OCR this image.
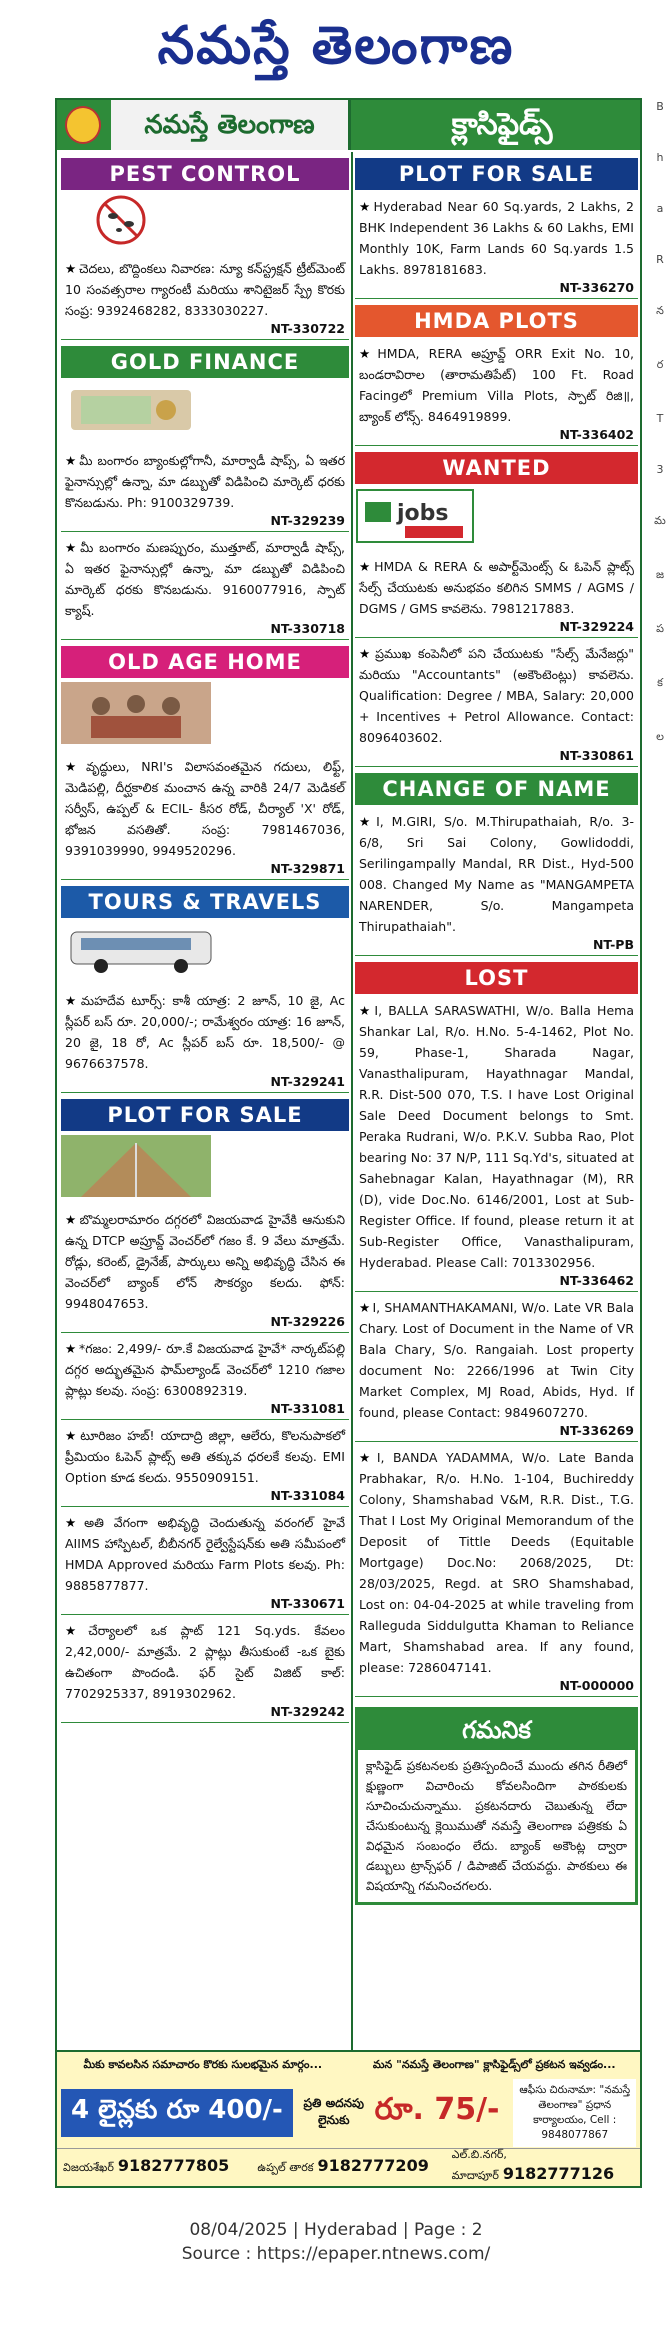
నమస్తే తెలంగాణ
B
h
a
R
న
ర
T
3
మ
జ
ప
క
ల
నమస్తే తెలంగాణ	క్లాసిఫైడ్స్
PEST CONTROL
★ చెదలు, బొద్దింకలు నివారణ: న్యూ కన్‌స్ట్రక్షన్ ట్రీట్‌మెంట్ 10 సంవత్సరాల గ్యారంటీ మరియు శానిటైజర్ స్ప్రే కొరకు సంప్ర: 9392468282, 8333030227.
NT-330722
GOLD FINANCE
★ మీ బంగారం బ్యాంకుల్లోగానీ, మార్వాడీ షాప్స్, ఏ ఇతర ఫైనాన్సుల్లో ఉన్నా, మా డబ్బుతో విడిపించి మార్కెట్ ధరకు కొనబడును. Ph: 9100329739.
NT-329239
★ మీ బంగారం మణప్పురం, ముత్తూట్, మార్వాడీ షాప్స్, ఏ ఇతర ఫైనాన్సుల్లో ఉన్నా, మా డబ్బుతో విడిపించి మార్కెట్ ధరకు కొనబడును. 9160077916, స్పాట్ క్యాష్.
NT-330718
OLD AGE HOME
★ వృద్ధులు, NRI's విలాసవంతమైన గదులు, లిఫ్ట్, మెడిపల్లి, దీర్ఘకాలిక మంచాన ఉన్న వారికి 24/7 మెడికల్ సర్వీస్, ఉప్పల్ & ECIL- కీసర రోడ్, చీర్యాల్ 'X' రోడ్, భోజన వసతితో. సంప్ర: 7981467036, 9391039990, 9949520296.
NT-329871
TOURS & TRAVELS
★ మహదేవ టూర్స్: కాశీ యాత్ర: 2 జూన్, 10 జై, Ac స్లీపర్ బస్ రూ. 20,000/-; రామేశ్వరం యాత్ర: 16 జూన్, 20 జై, 18 రో, Ac స్లీపర్ బస్ రూ. 18,500/- @ 9676637578.
NT-329241
PLOT FOR SALE
★ బొమ్మలరామారం దగ్గరలో విజయవాడ హైవేకి ఆనుకుని ఉన్న DTCP అప్రూవ్డ్ వెంచర్‌లో గజం కే. 9 వేలు మాత్రమే. రోడ్లు, కరెంట్, డ్రైనేజ్, పార్కులు అన్ని అభివృద్ధి చేసిన ఈ వెంచర్‌లో బ్యాంక్ లోన్ సౌకర్యం కలదు. ఫోన్: 9948047653.
NT-329226
★ *గజం: 2,499/- రూ.కే విజయవాడ హైవే* నార్కట్‌పల్లి దగ్గర అద్భుతమైన ఫామ్‌ల్యాండ్ వెంచర్‌లో 1210 గజాల ప్లాట్లు కలవు. సంప్ర: 6300892319.
NT-331081
★ టూరిజం హబ్! యాదాద్రి జిల్లా, ఆలేరు, కొలనుపాకలో ప్రీమియం ఓపెన్ ప్లాట్స్ అతి తక్కువ ధరలకే కలవు. EMI Option కూడ కలదు. 9550909151.
NT-331084
★ అతి వేగంగా అభివృద్ధి చెందుతున్న వరంగల్ హైవే AIIMS హాస్పిటల్, బీబీనగర్ రైల్వేస్టేషన్‌కు అతి సమీపంలో HMDA Approved మరియు Farm Plots కలవు. Ph: 9885877877.
NT-330671
★ చేర్యాలలో ఒక ప్లాట్ 121 Sq.yds. కేవలం 2,42,000/- మాత్రమే. 2 ప్లాట్లు తీసుకుంటే -ఒక బైకు ఉచితంగా పొందండి. ఫర్ సైట్ విజిట్ కాల్: 7702925337, 8919302962.
NT-329242
PLOT FOR SALE
★ Hyderabad Near 60 Sq.yards, 2 Lakhs, 2 BHK Independent 36 Lakhs & 60 Lakhs, EMI Monthly 10K, Farm Lands 60 Sq.yards 1.5 Lakhs. 8978181683.
NT-336270
HMDA PLOTS
★ HMDA, RERA అప్రూవ్డ్ ORR Exit No. 10, బండరావిరాల (తారామతిపేట్) 100 Ft. Road Facingలో Premium Villa Plots, స్పాట్ రిజి॥, బ్యాంక్ లోన్స్. 8464919899.
NT-336402
WANTED
jobs
★ HMDA & RERA & అపార్ట్‌మెంట్స్ & ఓపెన్ ప్లాట్స్ సేల్స్ చేయుటకు అనుభవం కలిగిన SMMS / AGMS / DGMS / GMS కావలెను. 7981217883.
NT-329224
★ ప్రముఖ కంపెనీలో పని చేయుటకు "సేల్స్ మేనేజర్లు" మరియు "Accountants" (అకౌంటెంట్లు) కావలెను. Qualification: Degree / MBA, Salary: 20,000 + Incentives + Petrol Allowance. Contact: 8096403602.
NT-330861
CHANGE OF NAME
★ I, M.GIRI, S/o. M.Thirupathaiah, R/o. 3-6/8, Sri Sai Colony, Gowlidoddi, Serilingampally Mandal, RR Dist., Hyd-500 008. Changed My Name as "MANGAMPETA NARENDER, S/o. Mangampeta Thirupathaiah".
NT-PB
LOST
★ I, BALLA SARASWATHI, W/o. Balla Hema Shankar Lal, R/o. H.No. 5-4-1462, Plot No. 59, Phase-1, Sharada Nagar, Vanasthalipuram, Hayathnagar Mandal, R.R. Dist-500 070, T.S. I have Lost Original Sale Deed Document belongs to Smt. Peraka Rudrani, W/o. P.K.V. Subba Rao, Plot bearing No: 37 N/P, 111 Sq.Yd's, situated at Sahebnagar Kalan, Hayathnagar (M), RR (D), vide Doc.No. 6146/2001, Lost at Sub-Register Office. If found, please return it at Sub-Register Office, Vanasthalipuram, Hyderabad. Please Call: 7013302956.
NT-336462
★ I, SHAMANTHAKAMANI, W/o. Late VR Bala Chary. Lost of Document in the Name of VR Bala Chary, S/o. Rangaiah. Lost property document No: 2266/1996 at Twin City Market Complex, MJ Road, Abids, Hyd. If found, please Contact: 9849607270.
NT-336269
★ I, BANDA YADAMMA, W/o. Late Banda Prabhakar, R/o. H.No. 1-104, Buchireddy Colony, Shamshabad V&M, R.R. Dist., T.G. That I Lost My Original Memorandum of the Deposit of Tittle Deeds (Equitable Mortgage) Doc.No: 2068/2025, Dt: 28/03/2025, Regd. at SRO Shamshabad, Lost on: 04-04-2025 at while traveling from Ralleguda Siddulgutta Khaman to Reliance Mart, Shamshabad area. If any found, please: 7286047141.
NT-000000
గమనిక
క్లాసిఫైడ్ ప్రకటనలకు ప్రతిస్పందించే ముందు తగిన రీతిలో క్షుణ్ణంగా విచారించు కోవలసిందిగా పాఠకులకు సూచించుచున్నాము. ప్రకటనదారు చెబుతున్న లేదా చేసుకుంటున్న క్లెయిముతో నమస్తే తెలంగాణ పత్రికకు ఏ విధమైన సంబంధం లేదు. బ్యాంక్ అకౌంట్ల ద్వారా డబ్బులు ట్రాన్స్‌ఫర్ / డిపాజిట్ చేయవద్దు. పాఠకులు ఈ విషయాన్ని గమనించగలరు.
మీకు కావలసిన సమాచారం కొరకు సులభమైన మార్గం...	మన "నమస్తే తెలంగాణ" క్లాసిఫైడ్స్‌లో ప్రకటన ఇవ్వడం...
4 లైన్లకు రూ 400/-	ప్రతి అదనపు లైనుకు రూ. 75/-
ఆఫీసు చిరునామా: "నమస్తే తెలంగాణ" ప్రధాన కార్యాలయం, Cell : 9848077867
విజయశేఖర్ 9182777805	ఉప్పల్ తారక 9182777209
ఎల్.బి.నగర్, మాదాపూర్ 9182777126
08/04/2025 | Hyderabad | Page : 2
Source : https://epaper.ntnews.com/
